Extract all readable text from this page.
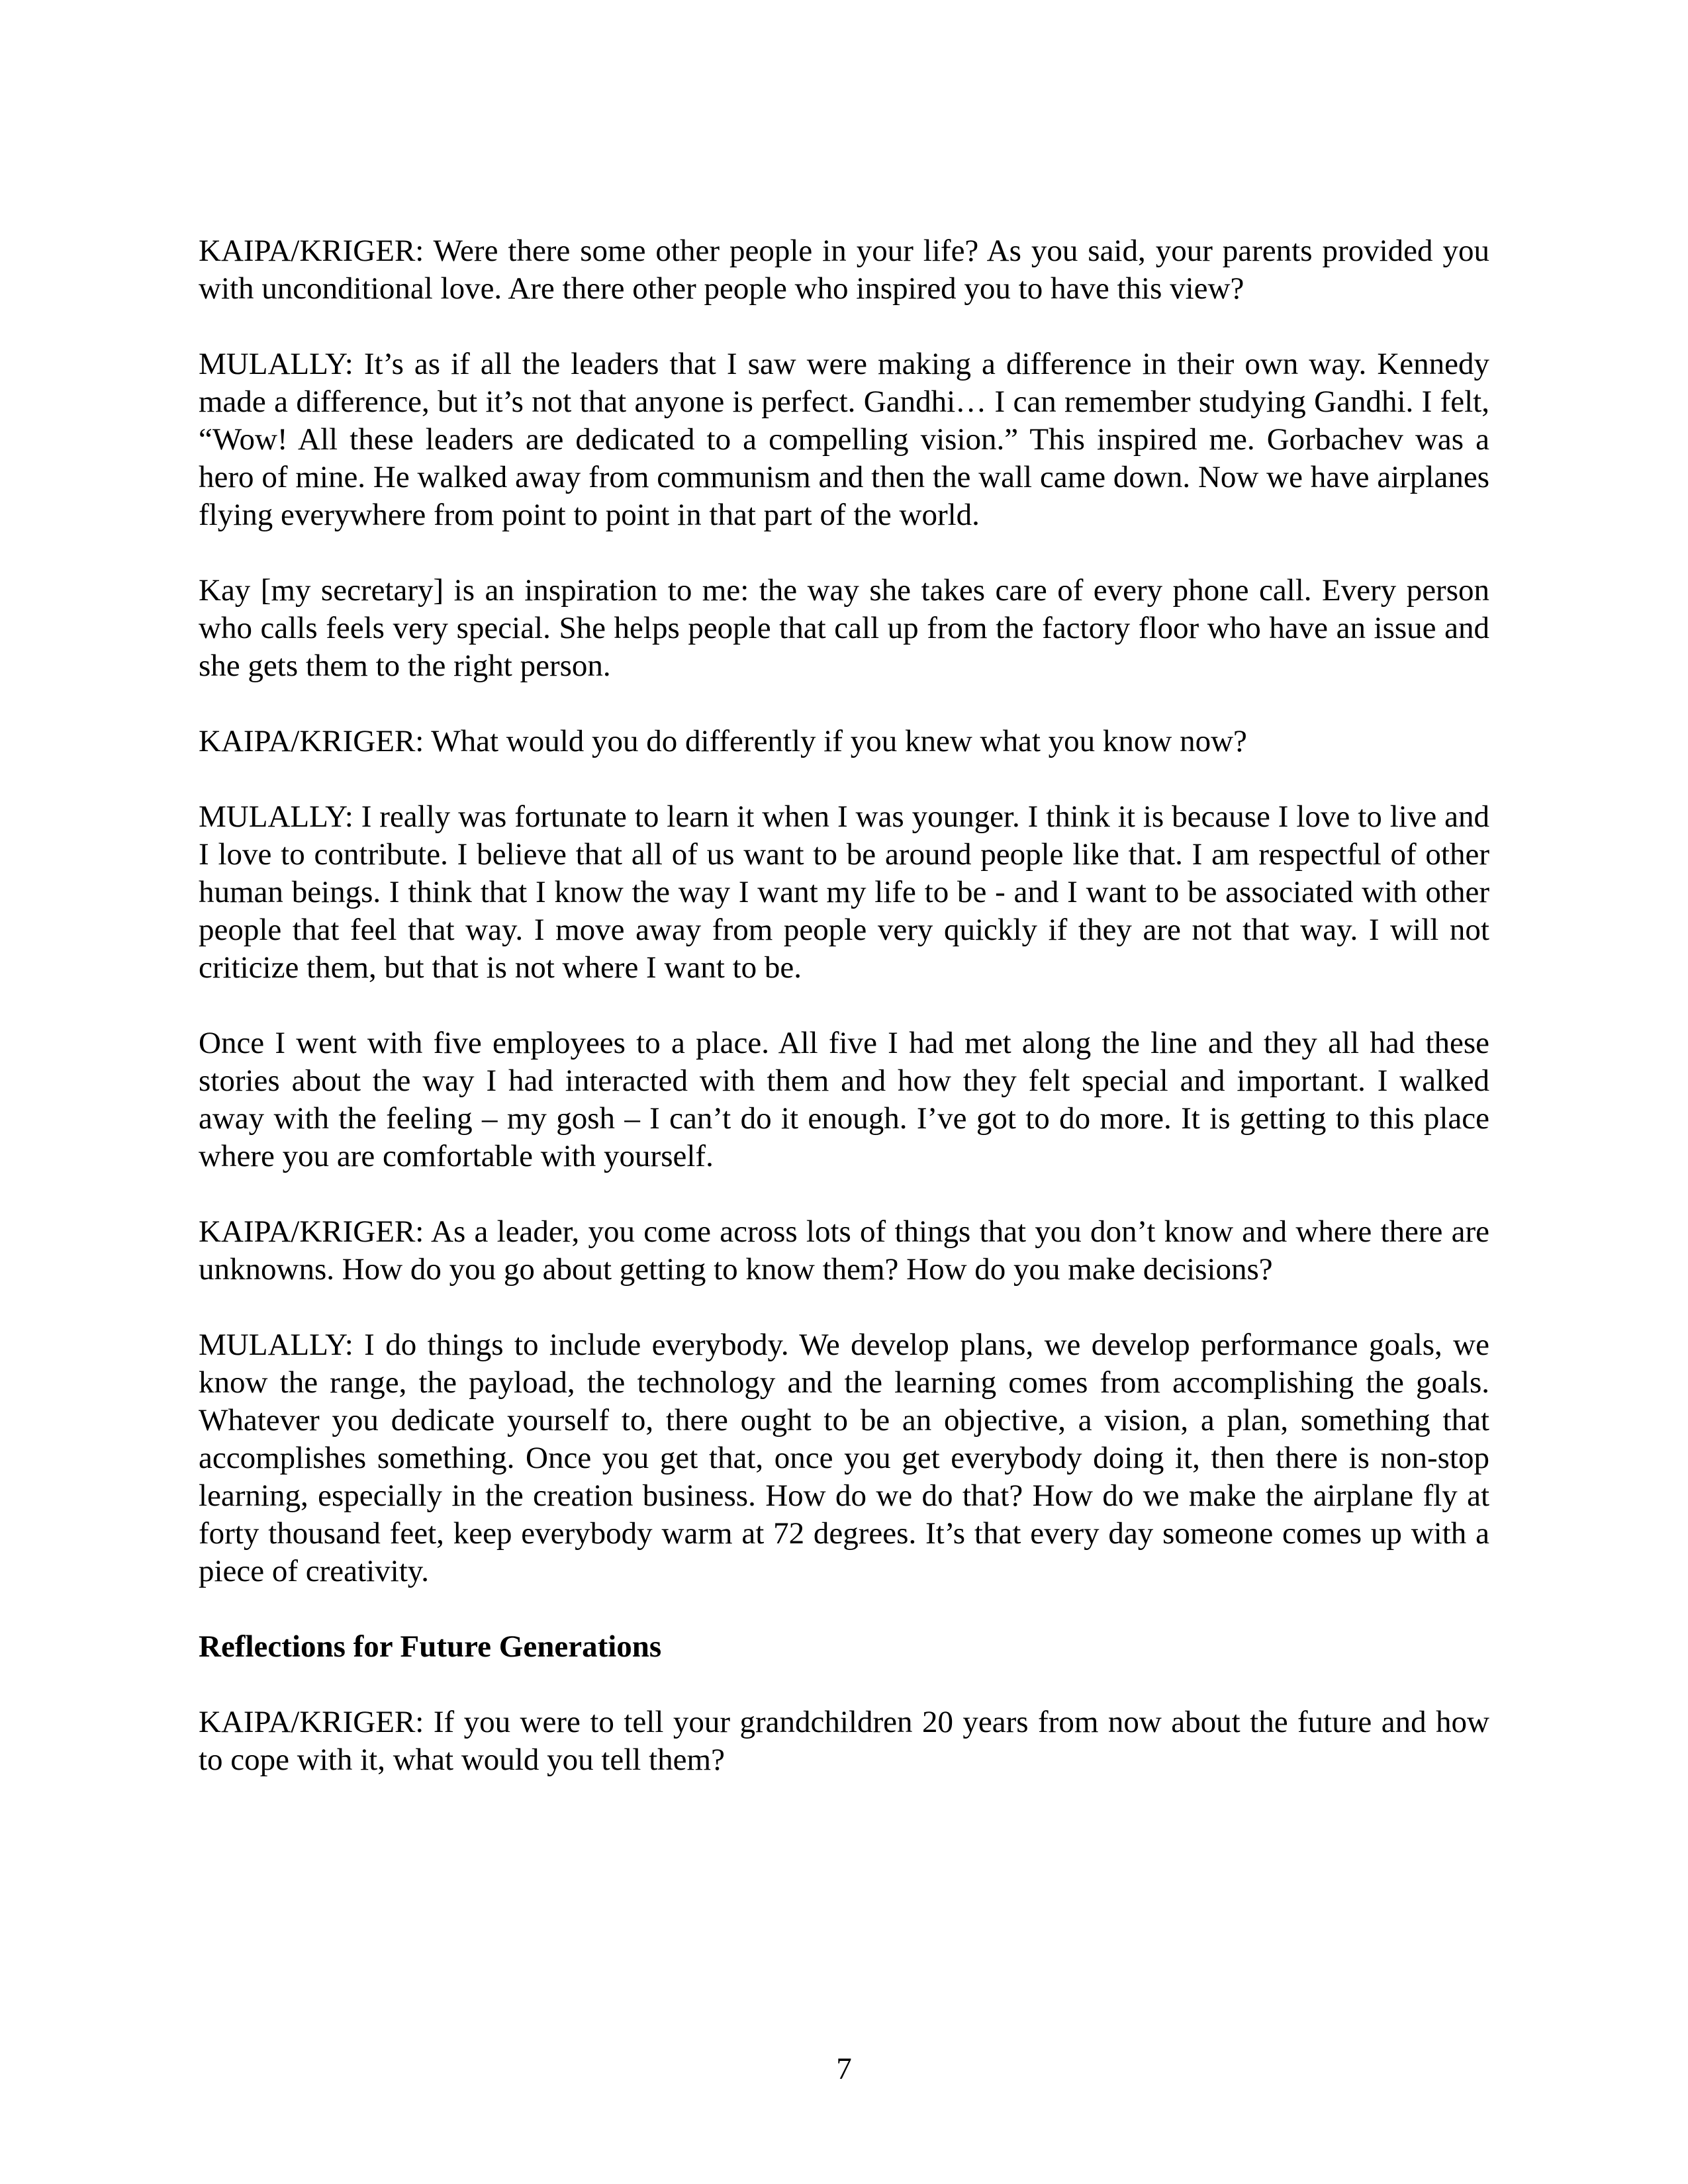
KAIPA/KRIGER: Were there some other people in your life? As you said, your parents provided you with unconditional love. Are there other people who inspired you to have this view?

MULALLY: It’s as if all the leaders that I saw were making a difference in their own way. Kennedy made a difference, but it’s not that anyone is perfect. Gandhi… I can remember studying Gandhi. I felt, “Wow! All these leaders are dedicated to a compelling vision.” This inspired me. Gorbachev was a hero of mine. He walked away from communism and then the wall came down. Now we have airplanes flying everywhere from point to point in that part of the world.

Kay [my secretary] is an inspiration to me: the way she takes care of every phone call. Every person who calls feels very special. She helps people that call up from the factory floor who have an issue and she gets them to the right person.

KAIPA/KRIGER: What would you do differently if you knew what you know now?

MULALLY: I really was fortunate to learn it when I was younger. I think it is because I love to live and I love to contribute. I believe that all of us want to be around people like that. I am respectful of other human beings. I think that I know the way I want my life to be - and I want to be associated with other people that feel that way. I move away from people very quickly if they are not that way. I will not criticize them, but that is not where I want to be.

Once I went with five employees to a place. All five I had met along the line and they all had these stories about the way I had interacted with them and how they felt special and important. I walked away with the feeling – my gosh – I can’t do it enough. I’ve got to do more. It is getting to this place where you are comfortable with yourself.

KAIPA/KRIGER: As a leader, you come across lots of things that you don’t know and where there are unknowns. How do you go about getting to know them? How do you make decisions?

MULALLY: I do things to include everybody. We develop plans, we develop performance goals, we know the range, the payload, the technology and the learning comes from accomplishing the goals. Whatever you dedicate yourself to, there ought to be an objective, a vision, a plan, something that accomplishes something. Once you get that, once you get everybody doing it, then there is non-stop learning, especially in the creation business. How do we do that? How do we make the airplane fly at forty thousand feet, keep everybody warm at 72 degrees. It’s that every day someone comes up with a piece of creativity.

Reflections for Future Generations

KAIPA/KRIGER: If you were to tell your grandchildren 20 years from now about the future and how to cope with it, what would you tell them?

7
